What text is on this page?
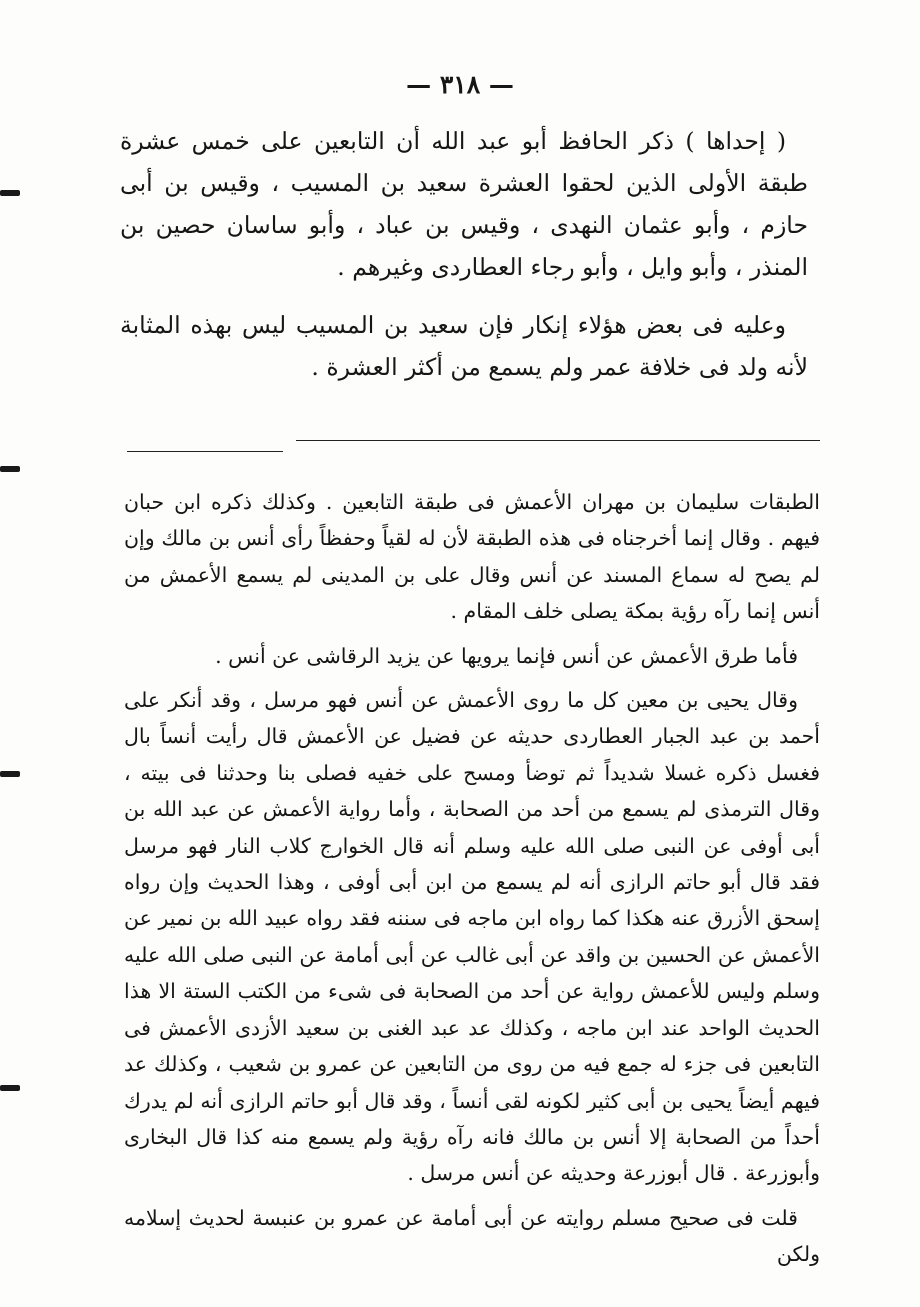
— ٣١٨ —

( إحداها ) ذكر الحافظ أبو عبد الله أن التابعين على خمس عشرة طبقة الأولى الذين لحقوا العشرة سعيد بن المسيب ، وقيس بن أبى حازم ، وأبو عثمان النهدى ، وقيس بن عباد ، وأبو ساسان حصين بن المنذر ، وأبو وايل ، وأبو رجاء العطاردى وغيرهم .

وعليه فى بعض هؤلاء إنكار فإن سعيد بن المسيب ليس بهذه المثابة لأنه ولد فى خلافة عمر ولم يسمع من أكثر العشرة .

الطبقات سليمان بن مهران الأعمش فى طبقة التابعين . وكذلك ذكره ابن حبان فيهم . وقال إنما أخرجناه فى هذه الطبقة لأن له لقياً وحفظاً رأى أنس بن مالك وإن لم يصح له سماع المسند عن أنس وقال على بن المدينى لم يسمع الأعمش من أنس إنما رآه رؤية بمكة يصلى خلف المقام .

فأما طرق الأعمش عن أنس فإنما يرويها عن يزيد الرقاشى عن أنس .

وقال يحيى بن معين كل ما روى الأعمش عن أنس فهو مرسل ، وقد أنكر على أحمد بن عبد الجبار العطاردى حديثه عن فضيل عن الأعمش قال رأيت أنساً بال فغسل ذكره غسلا شديداً ثم توضأ ومسح على خفيه فصلى بنا وحدثنا فى بيته ، وقال الترمذى لم يسمع من أحد من الصحابة ، وأما رواية الأعمش عن عبد الله بن أبى أوفى عن النبى صلى الله عليه وسلم أنه قال الخوارج كلاب النار فهو مرسل فقد قال أبو حاتم الرازى أنه لم يسمع من ابن أبى أوفى ، وهذا الحديث وإن رواه إسحق الأزرق عنه هكذا كما رواه ابن ماجه فى سننه فقد رواه عبيد الله بن نمير عن الأعمش عن الحسين بن واقد عن أبى غالب عن أبى أمامة عن النبى صلى الله عليه وسلم وليس للأعمش رواية عن أحد من الصحابة فى شىء من الكتب الستة الا هذا الحديث الواحد عند ابن ماجه ، وكذلك عد عبد الغنى بن سعيد الأزدى الأعمش فى التابعين فى جزء له جمع فيه من روى من التابعين عن عمرو بن شعيب ، وكذلك عد فيهم أيضاً يحيى بن أبى كثير لكونه لقى أنساً ، وقد قال أبو حاتم الرازى أنه لم يدرك أحداً من الصحابة إلا أنس بن مالك فانه رآه رؤية ولم يسمع منه كذا قال البخارى وأبوزرعة . قال أبوزرعة وحديثه عن أنس مرسل .

قلت فى صحيح مسلم روايته عن أبى أمامة عن عمرو بن عنبسة لحديث إسلامه ولكن
